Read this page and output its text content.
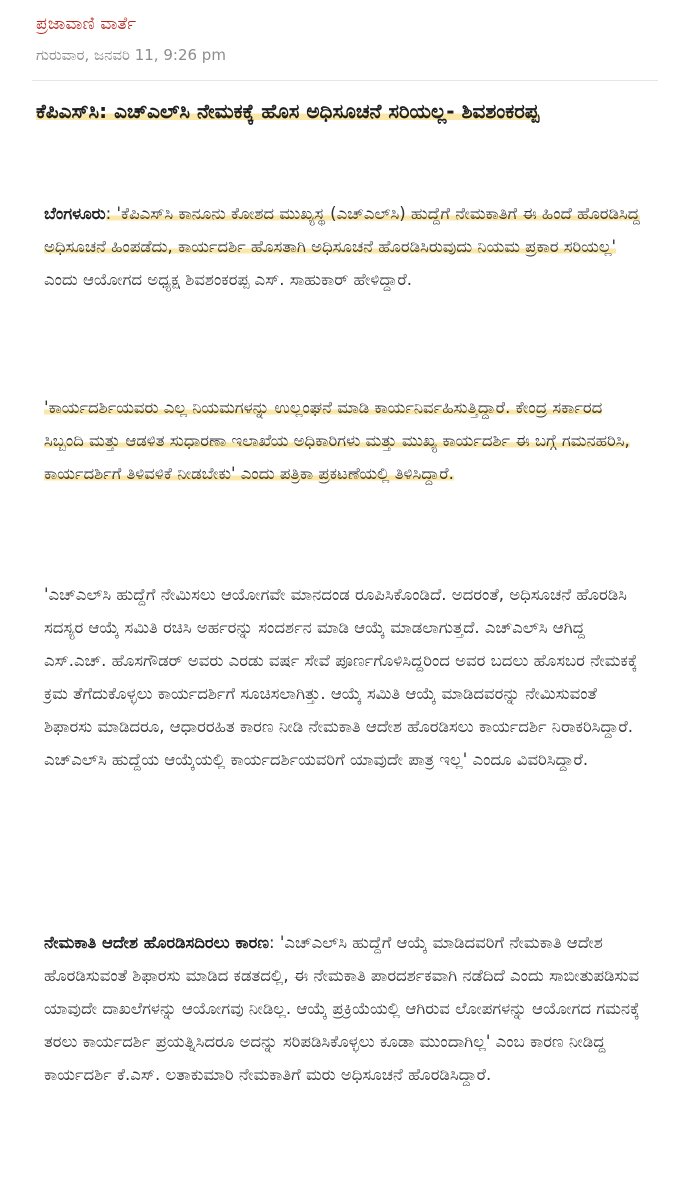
ಪ್ರಜಾವಾಣಿ ವಾರ್ತೆ
ಗುರುವಾರ, ಜನವರಿ 11, 9:26 pm
ಕೆಪಿಎಸ್‌ಸಿ: ಎಚ್‌ಎಲ್‌ಸಿ ನೇಮಕಕ್ಕೆ ಹೊಸ ಅಧಿಸೂಚನೆ ಸರಿಯಲ್ಲ- ಶಿವಶಂಕರಪ್ಪ
ಬೆಂಗಳೂರು: 'ಕೆಪಿಎಸ್‌ಸಿ ಕಾನೂನು ಕೋಶದ ಮುಖ್ಯಸ್ಥ (ಎಚ್‌ಎಲ್‌ಸಿ) ಹುದ್ದೆಗೆ ನೇಮಕಾತಿಗೆ ಈ ಹಿಂದೆ ಹೊರಡಿಸಿದ್ದ ಅಧಿಸೂಚನೆ ಹಿಂಪಡೆದು, ಕಾರ್ಯದರ್ಶಿ ಹೊಸತಾಗಿ ಅಧಿಸೂಚನೆ ಹೊರಡಿಸಿರುವುದು ನಿಯಮ ಪ್ರಕಾರ ಸರಿಯಲ್ಲ' ಎಂದು ಆಯೋಗದ ಅಧ್ಯಕ್ಷ ಶಿವಶಂಕರಪ್ಪ ಎಸ್. ಸಾಹುಕಾರ್ ಹೇಳಿದ್ದಾರೆ.
'ಕಾರ್ಯದರ್ಶಿಯವರು ಎಲ್ಲ ನಿಯಮಗಳನ್ನು ಉಲ್ಲಂಘನೆ ಮಾಡಿ ಕಾರ್ಯನಿರ್ವಹಿಸುತ್ತಿದ್ದಾರೆ. ಕೇಂದ್ರ ಸರ್ಕಾರದ ಸಿಬ್ಬಂದಿ ಮತ್ತು ಆಡಳಿತ ಸುಧಾರಣಾ ಇಲಾಖೆಯ ಅಧಿಕಾರಿಗಳು ಮತ್ತು ಮುಖ್ಯ ಕಾರ್ಯದರ್ಶಿ ಈ ಬಗ್ಗೆ ಗಮನಹರಿಸಿ, ಕಾರ್ಯದರ್ಶಿಗೆ ತಿಳಿವಳಿಕೆ ನೀಡಬೇಕು' ಎಂದು ಪತ್ರಿಕಾ ಪ್ರಕಟಣೆಯಲ್ಲಿ ತಿಳಿಸಿದ್ದಾರೆ.
'ಎಚ್‌ಎಲ್‌ಸಿ ಹುದ್ದೆಗೆ ನೇಮಿಸಲು ಆಯೋಗವೇ ಮಾನದಂಡ ರೂಪಿಸಿಕೊಂಡಿದೆ. ಅದರಂತೆ, ಅಧಿಸೂಚನೆ ಹೊರಡಿಸಿ ಸದಸ್ಯರ ಆಯ್ಕೆ ಸಮಿತಿ ರಚಿಸಿ ಅರ್ಹರನ್ನು ಸಂದರ್ಶನ ಮಾಡಿ ಆಯ್ಕೆ ಮಾಡಲಾಗುತ್ತದೆ. ಎಚ್‌ಎಲ್‌ಸಿ ಆಗಿದ್ದ ಎಸ್.ಎಚ್. ಹೊಸಗೌಡರ್ ಅವರು ಎರಡು ವರ್ಷ ಸೇವೆ ಪೂರ್ಣಗೊಳಿಸಿದ್ದರಿಂದ ಅವರ ಬದಲು ಹೊಸಬರ ನೇಮಕಕ್ಕೆ ಕ್ರಮ ತೆಗೆದುಕೊಳ್ಳಲು ಕಾರ್ಯದರ್ಶಿಗೆ ಸೂಚಿಸಲಾಗಿತ್ತು. ಆಯ್ಕೆ ಸಮಿತಿ ಆಯ್ಕೆ ಮಾಡಿದವರನ್ನು ನೇಮಿಸುವಂತೆ ಶಿಫಾರಸು ಮಾಡಿದರೂ, ಆಧಾರರಹಿತ ಕಾರಣ ನೀಡಿ ನೇಮಕಾತಿ ಆದೇಶ ಹೊರಡಿಸಲು ಕಾರ್ಯದರ್ಶಿ ನಿರಾಕರಿಸಿದ್ದಾರೆ. ಎಚ್‌ಎಲ್‌ಸಿ ಹುದ್ದೆಯ ಆಯ್ಕೆಯಲ್ಲಿ ಕಾರ್ಯದರ್ಶಿಯವರಿಗೆ ಯಾವುದೇ ಪಾತ್ರ ಇಲ್ಲ' ಎಂದೂ ವಿವರಿಸಿದ್ದಾರೆ.
ನೇಮಕಾತಿ ಆದೇಶ ಹೊರಡಿಸದಿರಲು ಕಾರಣ: 'ಎಚ್‌ಎಲ್‌ಸಿ ಹುದ್ದೆಗೆ ಆಯ್ಕೆ ಮಾಡಿದವರಿಗೆ ನೇಮಕಾತಿ ಆದೇಶ ಹೊರಡಿಸುವಂತೆ ಶಿಫಾರಸು ಮಾಡಿದ ಕಡತದಲ್ಲಿ, ಈ ನೇಮಕಾತಿ ಪಾರದರ್ಶಕವಾಗಿ ನಡೆದಿದೆ ಎಂದು ಸಾಬೀತುಪಡಿಸುವ ಯಾವುದೇ ದಾಖಲೆಗಳನ್ನು ಆಯೋಗವು ನೀಡಿಲ್ಲ. ಆಯ್ಕೆ ಪ್ರಕ್ರಿಯೆಯಲ್ಲಿ ಆಗಿರುವ ಲೋಪಗಳನ್ನು ಆಯೋಗದ ಗಮನಕ್ಕೆ ತರಲು ಕಾರ್ಯದರ್ಶಿ ಪ್ರಯತ್ನಿಸಿದರೂ ಅದನ್ನು ಸರಿಪಡಿಸಿಕೊಳ್ಳಲು ಕೂಡಾ ಮುಂದಾಗಿಲ್ಲ' ಎಂಬ ಕಾರಣ ನೀಡಿದ್ದ ಕಾರ್ಯದರ್ಶಿ ಕೆ.ಎಸ್. ಲತಾಕುಮಾರಿ ನೇಮಕಾತಿಗೆ ಮರು ಅಧಿಸೂಚನೆ ಹೊರಡಿಸಿದ್ದಾರೆ.
